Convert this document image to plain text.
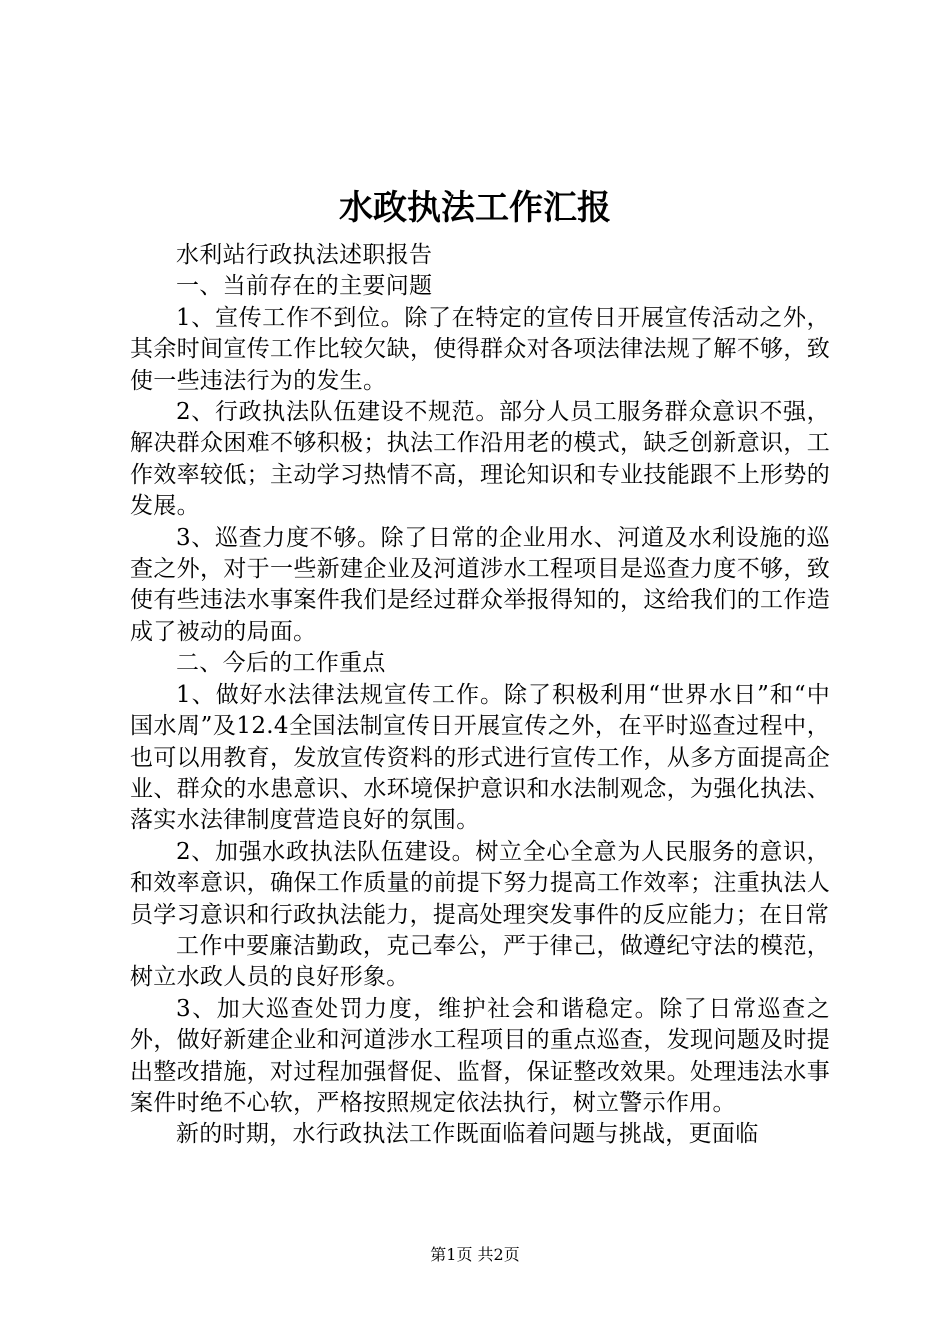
水政执法工作汇报

水利站行政执法述职报告

一、当前存在的主要问题

1、宣传工作不到位。除了在特定的宣传日开展宣传活动之外，其余时间宣传工作比较欠缺，使得群众对各项法律法规了解不够，致使一些违法行为的发生。

2、行政执法队伍建设不规范。部分人员工服务群众意识不强，解决群众困难不够积极；执法工作沿用老的模式，缺乏创新意识，工作效率较低；主动学习热情不高，理论知识和专业技能跟不上形势的发展。

3、巡查力度不够。除了日常的企业用水、河道及水利设施的巡查之外，对于一些新建企业及河道涉水工程项目是巡查力度不够，致使有些违法水事案件我们是经过群众举报得知的，这给我们的工作造成了被动的局面。

二、今后的工作重点

1、做好水法律法规宣传工作。除了积极利用“世界水日”和“中国水周”及12.4全国法制宣传日开展宣传之外，在平时巡查过程中，也可以用教育，发放宣传资料的形式进行宣传工作，从多方面提高企业、群众的水患意识、水环境保护意识和水法制观念，为强化执法、落实水法律制度营造良好的氛围。

2、加强水政执法队伍建设。树立全心全意为人民服务的意识，和效率意识，确保工作质量的前提下努力提高工作效率；注重执法人员学习意识和行政执法能力，提高处理突发事件的反应能力；在日常

工作中要廉洁勤政，克己奉公，严于律己，做遵纪守法的模范，树立水政人员的良好形象。

3、加大巡查处罚力度，维护社会和谐稳定。除了日常巡查之外，做好新建企业和河道涉水工程项目的重点巡查，发现问题及时提出整改措施，对过程加强督促、监督，保证整改效果。处理违法水事案件时绝不心软，严格按照规定依法执行，树立警示作用。

新的时期，水行政执法工作既面临着问题与挑战，更面临

第1页 共2页
